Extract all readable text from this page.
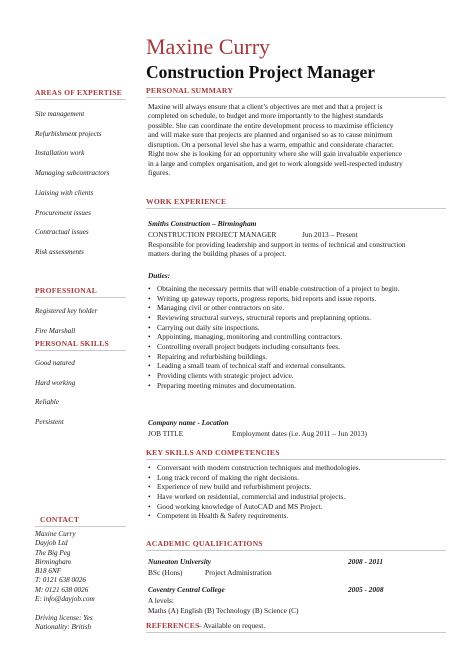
Maxine Curry
Construction Project Manager
AREAS OF EXPERTISE
Site management
Refurbishment projects
Installation work
Managing subcontractors
Liaising with clients
Procurement issues
Contractual issues
Risk assessments
PROFESSIONAL
Registered key holder
Fire Marshall
PERSONAL SKILLS
Good natured
Hard working
Reliable
Persistent
CONTACT
Maxine Curry
Dayjob Ltd
The Big Peg
Birmingham
B18 6NF
T: 0121 638 0026
M: 0121 638 0026
E: info@dayjob.com

Driving license: Yes
Nationality: British
PERSONAL SUMMARY
Maxine will always ensure that a client’s objectives are met and that a project is
completed on schedule, to budget and more importantly to the highest standards
possible. She can coordinate the entire development process to maximise efficiency
and will make sure that projects are planned and organised so as to cause minimum
disruption. On a personal level she has a warm, empathic and considerate character.
Right now she is looking for an opportunity where she will gain invaluable experience
in a large and complex organisation, and get to work alongside well-respected industry
figures.
WORK EXPERIENCE
Smiths Construction – Birmingham
CONSTRUCTION PROJECT MANAGER	Jun 2013 – Present
Responsible for providing leadership and support in terms of technical and construction
matters during the building phases of a project.
Duties:
• Obtaining the necessary permits that will enable construction of a project to begin.
• Writing up gateway reports, progress reports, bid reports and issue reports.
• Managing civil or other contractors on site.
• Reviewing structural surveys, structural reports and preplanning options.
• Carrying out daily site inspections.
• Appointing, managing, monitoring and controlling contractors.
• Controlling overall project budgets including consultants fees.
• Repairing and refurbishing buildings.
• Leading a small team of technical staff and external consultants.
• Providing clients with strategic project advice.
• Preparing meeting minutes and documentation.
Company name - Location
JOB TITLE	Employment dates (i.e. Aug 2011 – Jun 2013)
KEY SKILLS AND COMPETENCIES
• Conversant with modern construction techniques and methodologies.
• Long track record of making the right decisions.
• Experience of new build and refurbishment projects.
• Have worked on residential, commercial and industrial projects.
• Good working knowledge of AutoCAD and MS Project.
• Competent in Health & Safety requirements.
ACADEMIC QUALIFICATIONS
Nuneaton University	2008 - 2011
BSc (Hons)	Project Administration
Coventry Central College	2005 - 2008
A levels:
Maths (A) English (B) Technology (B) Science (C)
REFERENCES
– Available on request.
